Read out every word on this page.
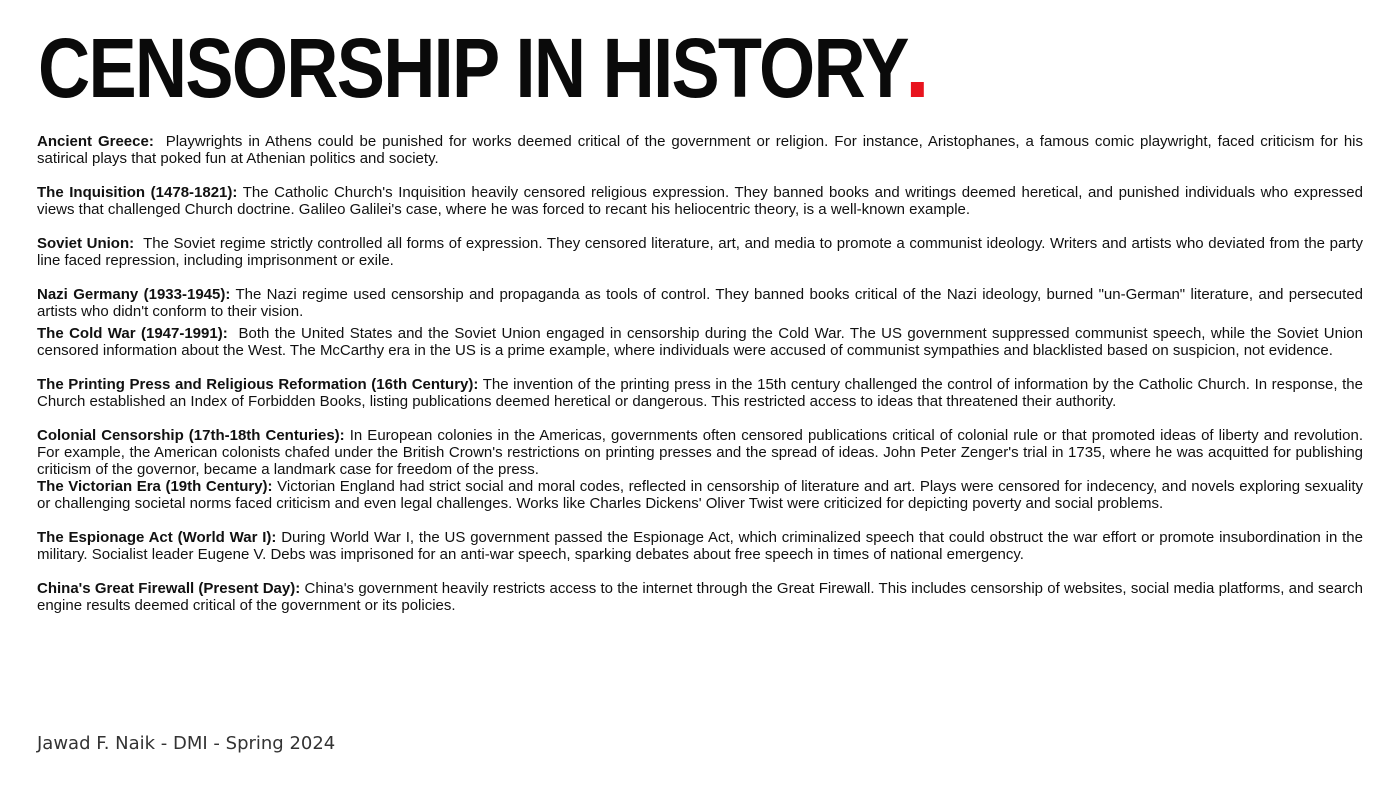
CENSORSHIP IN HISTORY

Ancient Greece: Playwrights in Athens could be punished for works deemed critical of the government or religion. For instance, Aristophanes, a famous comic playwright, faced criticism for his satirical plays that poked fun at Athenian politics and society.

The Inquisition (1478-1821): The Catholic Church's Inquisition heavily censored religious expression. They banned books and writings deemed heretical, and punished individuals who expressed views that challenged Church doctrine. Galileo Galilei's case, where he was forced to recant his heliocentric theory, is a well-known example.

Soviet Union: The Soviet regime strictly controlled all forms of expression. They censored literature, art, and media to promote a communist ideology. Writers and artists who deviated from the party line faced repression, including imprisonment or exile.

Nazi Germany (1933-1945): The Nazi regime used censorship and propaganda as tools of control. They banned books critical of the Nazi ideology, burned "un-German" literature, and persecuted artists who didn't conform to their vision.

The Cold War (1947-1991): Both the United States and the Soviet Union engaged in censorship during the Cold War. The US government suppressed communist speech, while the Soviet Union censored information about the West. The McCarthy era in the US is a prime example, where individuals were accused of communist sympathies and blacklisted based on suspicion, not evidence.

The Printing Press and Religious Reformation (16th Century): The invention of the printing press in the 15th century challenged the control of information by the Catholic Church. In response, the Church established an Index of Forbidden Books, listing publications deemed heretical or dangerous. This restricted access to ideas that threatened their authority.

Colonial Censorship (17th-18th Centuries): In European colonies in the Americas, governments often censored publications critical of colonial rule or that promoted ideas of liberty and revolution. For example, the American colonists chafed under the British Crown's restrictions on printing presses and the spread of ideas. John Peter Zenger's trial in 1735, where he was acquitted for publishing criticism of the governor, became a landmark case for freedom of the press.

The Victorian Era (19th Century): Victorian England had strict social and moral codes, reflected in censorship of literature and art. Plays were censored for indecency, and novels exploring sexuality or challenging societal norms faced criticism and even legal challenges. Works like Charles Dickens' Oliver Twist were criticized for depicting poverty and social problems.

The Espionage Act (World War I): During World War I, the US government passed the Espionage Act, which criminalized speech that could obstruct the war effort or promote insubordination in the military. Socialist leader Eugene V. Debs was imprisoned for an anti-war speech, sparking debates about free speech in times of national emergency.

China's Great Firewall (Present Day): China's government heavily restricts access to the internet through the Great Firewall. This includes censorship of websites, social media platforms, and search engine results deemed critical of the government or its policies.

Jawad F. Naik - DMI - Spring 2024
